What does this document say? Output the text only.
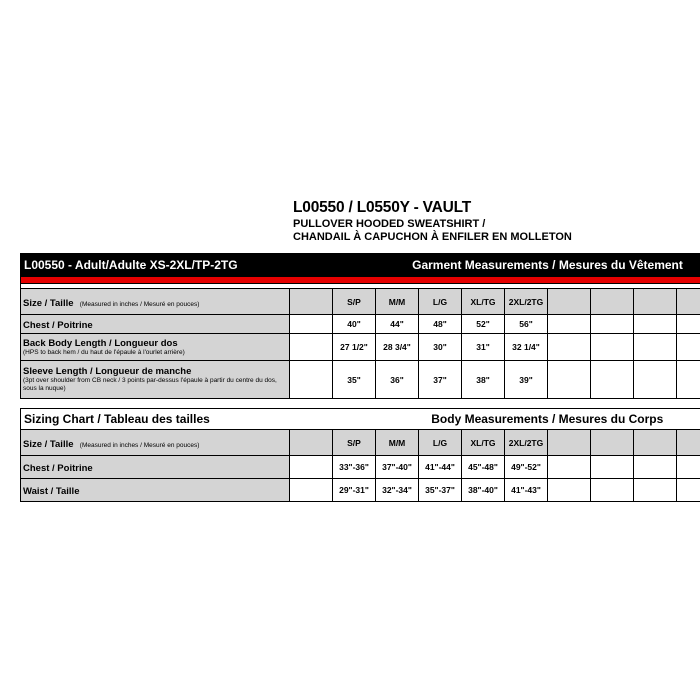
L00550 / L0550Y - VAULT
PULLOVER HOODED SWEATSHIRT /
CHANDAIL À CAPUCHON À ENFILER EN MOLLETON
L00550 - Adult/Adulte XS-2XL/TP-2TG			Garment Measurements / Mesures du Vêtement							

Size / Taille (Measured in inches / Mesuré en pouces)		S/P	M/M	L/G	XL/TG	2XL/2TG				
Chest / Poitrine		40"	44"	48"	52"	56"				

Back Body Length / Longueur dos
(HPS to back hem / du haut de l'épaule à l'ourlet arrière)		27 1/2"	28 3/4"	30"	31"	32 1/4"				

Sleeve Length / Longueur de manche
(3pt over shoulder from CB neck / 3 points par-dessus l'épaule à partir du centre du dos, sous la nuque)		35"	36"	37"	38"	39"				
Sizing Chart / Tableau des tailles			Body Measurements / Mesures du Corps							
Size / Taille (Measured in inches / Mesuré en pouces)		S/P	M/M	L/G	XL/TG	2XL/2TG				
Chest / Poitrine		33"-36"	37"-40"	41"-44"	45"-48"	49"-52"				
Waist / Taille		29"-31"	32"-34"	35"-37"	38"-40"	41"-43"				
